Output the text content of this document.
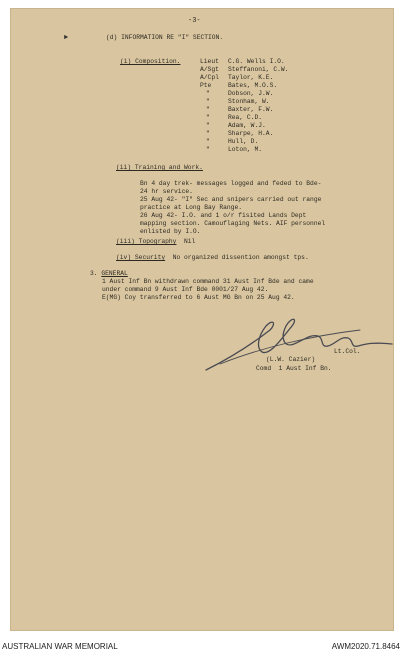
►
-3-
(d) INFORMATION RE "I" SECTION.
(i) Composition.	Lieut C.G. Wells I.O.
A/Sgt Steffanoni, C.W.
A/Cpl Taylor, K.E.
Pte	Bates, M.O.S.
"	Dobson, J.W.
"	Stonham, W.
"	Baxter, F.W.
"	Rea, C.D.
"	Adam, W.J.
"	Sharpe, H.A.
"	Hull, D.
"	Loton, M.
(ii) Training and Work.
Bn 4 day trek- messages logged and feded to Bde-
24 hr service.
25 Aug 42- "I" Sec and snipers carried out range
practice at Long Bay Range.
26 Aug 42- I.O. and 1 o/r fisited Lands Dept
mapping section. Camouflaging Nets. AIF personnel
enlisted by I.O.
(iii) Topography Nil
(iv) Security No organized dissention amongst tps.
3. GENERAL
1 Aust Inf Bn withdrawn command 31 Aust Inf Bde and came
under command 9 Aust Inf Bde 0001/27 Aug 42.
E(MG) Coy transferred to 6 Aust MG Bn on 25 Aug 42.
Lt.Col.
(L.W. Cazier)
Comd  1 Aust Inf Bn.
AUSTRALIAN WAR MEMORIAL	AWM2020.71.8464
